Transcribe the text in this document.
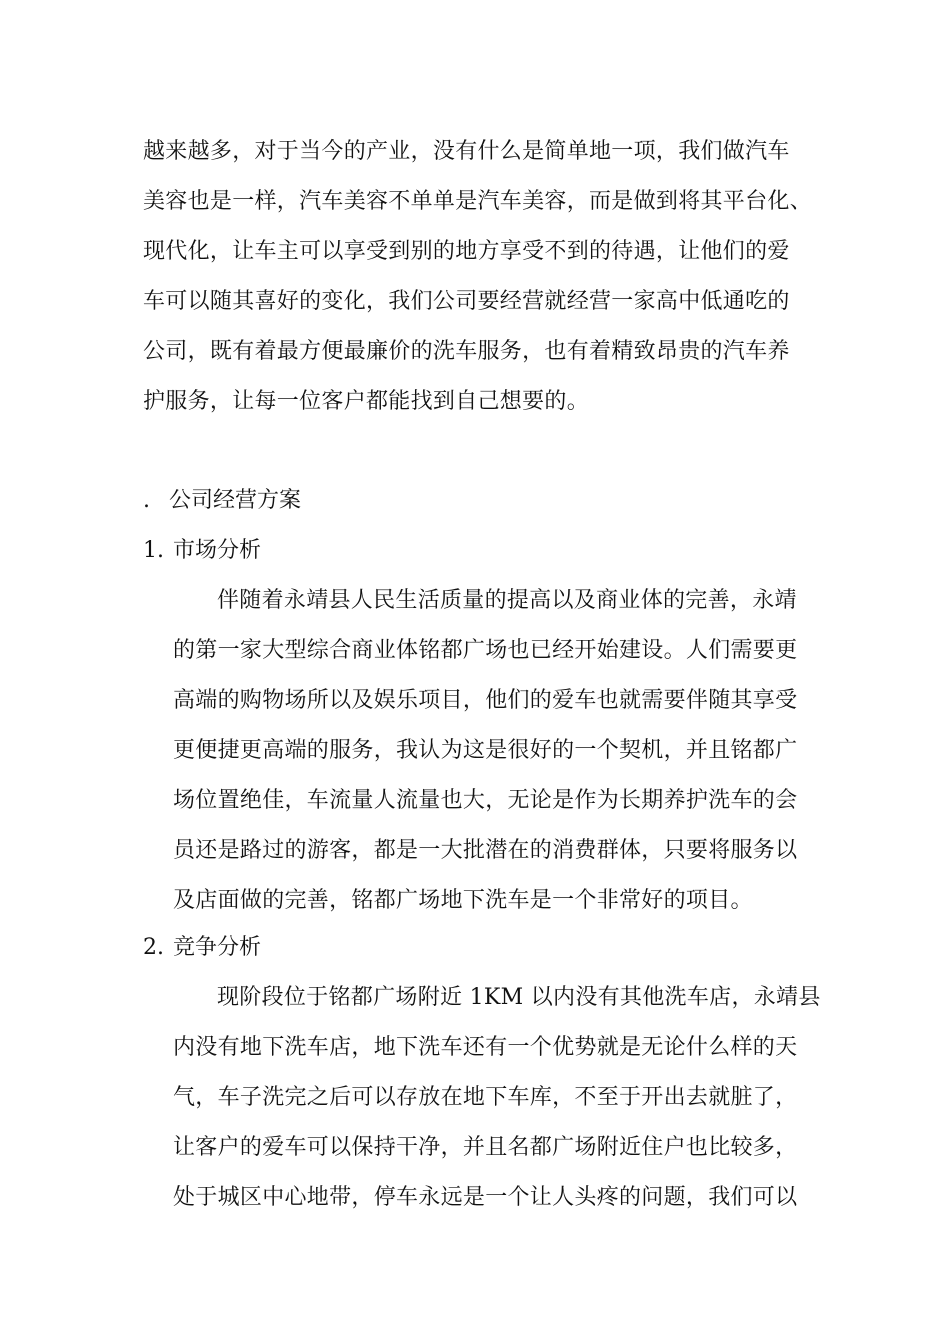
越来越多，对于当今的产业，没有什么是简单地一项，我们做汽车
美容也是一样，汽车美容不单单是汽车美容，而是做到将其平台化、
现代化，让车主可以享受到别的地方享受不到的待遇，让他们的爱
车可以随其喜好的变化，我们公司要经营就经营一家高中低通吃的
公司，既有着最方便最廉价的洗车服务，也有着精致昂贵的汽车养
护服务，让每一位客户都能找到自己想要的。
. 公司经营方案
1. 市场分析
伴随着永靖县人民生活质量的提高以及商业体的完善，永靖
的第一家大型综合商业体铭都广场也已经开始建设。人们需要更
高端的购物场所以及娱乐项目，他们的爱车也就需要伴随其享受
更便捷更高端的服务，我认为这是很好的一个契机，并且铭都广
场位置绝佳，车流量人流量也大，无论是作为长期养护洗车的会
员还是路过的游客，都是一大批潜在的消费群体，只要将服务以
及店面做的完善，铭都广场地下洗车是一个非常好的项目。
2. 竞争分析
现阶段位于铭都广场附近 1KM 以内没有其他洗车店，永靖县
内没有地下洗车店，地下洗车还有一个优势就是无论什么样的天
气，车子洗完之后可以存放在地下车库，不至于开出去就脏了，
让客户的爱车可以保持干净，并且名都广场附近住户也比较多，
处于城区中心地带，停车永远是一个让人头疼的问题，我们可以
